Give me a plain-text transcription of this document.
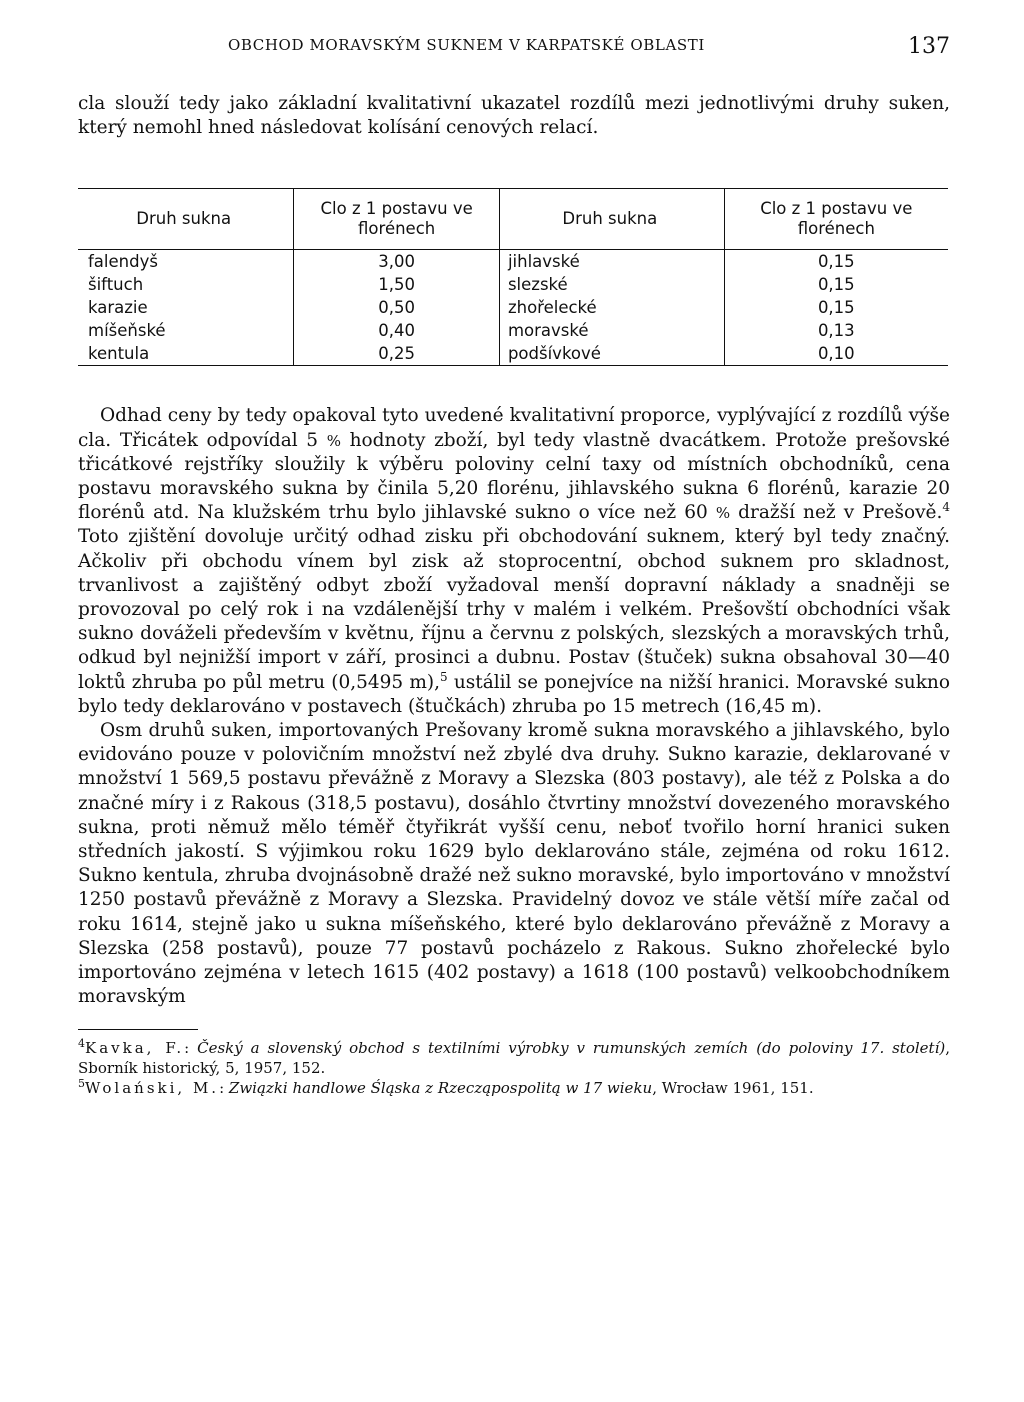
OBCHOD MORAVSKÝM SUKNEM V KARPATSKÉ OBLASTI	137

cla slouží tedy jako základní kvalitativní ukazatel rozdílů mezi jednotlivými druhy suken, který nemohl hned následovat kolísání cenových relací.

Druh sukna	Clo z 1 postavu ve florénech	Druh sukna	Clo z 1 postavu ve florénech
falendyš	3,00	jihlavské	0,15
šiftuch	1,50	slezské	0,15
karazie	0,50	zhořelecké	0,15
míšeňské	0,40	moravské	0,13
kentula	0,25	podšívkové	0,10

Odhad ceny by tedy opakoval tyto uvedené kvalitativní proporce, vyplývající z rozdílů výše cla. Třicátek odpovídal 5 % hodnoty zboží, byl tedy vlastně dvacátkem. Protože prešovské třicátkové rejstříky sloužily k výběru poloviny celní taxy od místních obchodníků, cena postavu moravského sukna by činila 5,20 florénu, jihlavského sukna 6 florénů, karazie 20 florénů atd. Na klužském trhu bylo jihlavské sukno o více než 60 % dražší než v Prešově.$^4$ Toto zjištění dovoluje určitý odhad zisku při obchodování suknem, který byl tedy značný. Ačkoliv při obchodu vínem byl zisk až stoprocentní, obchod suknem pro skladnost, trvanlivost a zajištěný odbyt zboží vyžadoval menší dopravní náklady a snadněji se provozoval po celý rok i na vzdálenější trhy v malém i velkém. Prešovští obchodníci však sukno dováželi především v květnu, říjnu a červnu z polských, slezských a moravských trhů, odkud byl nejnižší import v září, prosinci a dubnu. Postav (štuček) sukna obsahoval 30—40 loktů zhruba po půl metru (0,5495 m),$^5$ ustálil se ponejvíce na nižší hranici. Moravské sukno bylo tedy deklarováno v postavech (štučkách) zhruba po 15 metrech (16,45 m).

Osm druhů suken, importovaných Prešovany kromě sukna moravského a jihlavského, bylo evidováno pouze v polovičním množství než zbylé dva druhy. Sukno karazie, deklarované v množství 1 569,5 postavu převážně z Moravy a Slezska (803 postavy), ale též z Polska a do značné míry i z Rakous (318,5 postavu), dosáhlo čtvrtiny množství dovezeného moravského sukna, proti němuž mělo téměř čtyřikrát vyšší cenu, neboť tvořilo horní hranici suken středních jakostí. S výjimkou roku 1629 bylo deklarováno stále, zejména od roku 1612. Sukno kentula, zhruba dvojnásobně dražé než sukno moravské, bylo importováno v množství 1250 postavů převážně z Moravy a Slezska. Pravidelný dovoz ve stále větší míře začal od roku 1614, stejně jako u sukna míšeňského, které bylo deklarováno převážně z Moravy a Slezska (258 postavů), pouze 77 postavů pocházelo z Rakous. Sukno zhořelecké bylo importováno zejména v letech 1615 (402 postavy) a 1618 (100 postavů) velkoobchodníkem moravským

$^4$Kavka, F.: Český a slovenský obchod s textilními výrobky v rumunských zemích (do poloviny 17. století), Sborník historický, 5, 1957, 152.

$^5$Wolański, M.: Związki handlowe Śląska z Rzecząpospolitą w 17 wieku, Wrocław 1961, 151.
